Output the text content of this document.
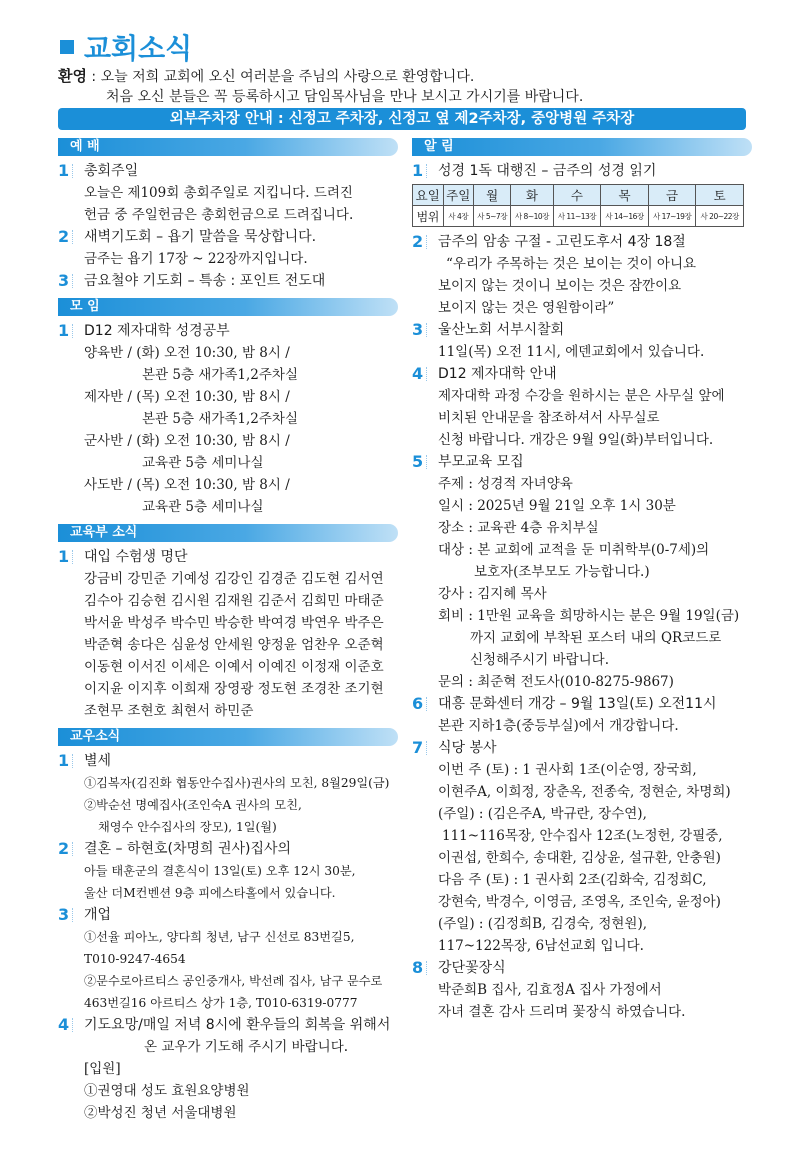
교회소식
환영 : 오늘 저희 교회에 오신 여러분을 주님의 사랑으로 환영합니다.
처음 오신 분들은 꼭 등록하시고 담임목사님을 만나 보시고 가시기를 바랍니다.
외부주차장 안내 : 신정고 주차장, 신정고 옆 제2주차장, 중앙병원 주차장
예 배
1 총회주일
오늘은 제109회 총회주일로 지킵니다. 드려진
헌금 중 주일헌금은 총회헌금으로 드려집니다.
2 새벽기도회 – 욥기 말씀을 묵상합니다.
금주는 욥기 17장 ~ 22장까지입니다.
3 금요철야 기도회 – 특송 : 포인트 전도대
모 임
1 D12 제자대학 성경공부
양육반 / (화) 오전 10:30, 밤 8시 /
본관 5층 새가족1,2주차실
제자반 / (목) 오전 10:30, 밤 8시 /
본관 5층 새가족1,2주차실
군사반 / (화) 오전 10:30, 밤 8시 /
교육관 5층 세미나실
사도반 / (목) 오전 10:30, 밤 8시 /
교육관 5층 세미나실
교육부 소식
1 대입 수험생 명단
강금비 강민준 기예성 김강인 김경준 김도현 김서연
김수아 김승현 김시원 김재원 김준서 김희민 마태준
박서윤 박성주 박수민 박승한 박여경 박연우 박주은
박준혁 송다은 심윤성 안세원 양정윤 엄찬우 오준혁
이동현 이서진 이세은 이예서 이예진 이정재 이준호
이지윤 이지후 이희재 장영광 정도현 조경찬 조기현
조현무 조현호 최현서 하민준
교우소식
1 별세
①김복자(김진화 협동안수집사)권사의 모친, 8월29일(금)
②박순선 명예집사(조인숙A 권사의 모친,
채영수 안수집사의 장모), 1일(월)
2 결혼 – 하현호(차명희 권사)집사의
아들 태훈군의 결혼식이 13일(토) 오후 12시 30분,
울산 더M컨벤션 9층 피에스타홀에서 있습니다.
3 개업
①선율 피아노, 양다희 청년, 남구 신선로 83번길5,
T010-9247-4654
②문수로아르티스 공인중개사, 박선례 집사, 남구 문수로
463번길16 아르티스 상가 1층, T010-6319-0777
4 기도요망/매일 저녁 8시에 환우들의 회복을 위해서
온 교우가 기도해 주시기 바랍니다.
[입원]
①권영대 성도 효원요양병원
②박성진 청년 서울대병원
알 림
1 성경 1독 대행진 – 금주의 성경 읽기
요일	주일	월	화	수	목	금	토
범위	사 4장	사 5~7장	사 8~10장	사 11~13장	사 14~16장	사 17~19장	사 20~22장
2 금주의 암송 구절 - 고린도후서 4장 18절
“우리가 주목하는 것은 보이는 것이 아니요
보이지 않는 것이니 보이는 것은 잠깐이요
보이지 않는 것은 영원함이라”
3 울산노회 서부시찰회
11일(목) 오전 11시, 에덴교회에서 있습니다.
4 D12 제자대학 안내
제자대학 과정 수강을 원하시는 분은 사무실 앞에
비치된 안내문을 참조하셔서 사무실로
신청 바랍니다. 개강은 9월 9일(화)부터입니다.
5 부모교육 모집
주제 : 성경적 자녀양육
일시 : 2025년 9월 21일 오후 1시 30분
장소 : 교육관 4층 유치부실
대상 : 본 교회에 교적을 둔 미취학부(0-7세)의
보호자(조부모도 가능합니다.)
강사 : 김지혜 목사
회비 : 1만원 교육을 희망하시는 분은 9월 19일(금)
까지 교회에 부착된 포스터 내의 QR코드로
신청해주시기 바랍니다.
문의 : 최준혁 전도사(010-8275-9867)
6 대흥 문화센터 개강 – 9월 13일(토) 오전11시
본관 지하1층(중등부실)에서 개강합니다.
7 식당 봉사
이번 주 (토) : 1 권사회 1조(이순영, 장국희,
이현주A, 이희정, 장춘옥, 전종숙, 정현순, 차명희)
(주일) : (김은주A, 박규란, 장수연),
111~116목장, 안수집사 12조(노정헌, 강필중,
이권섭, 한희수, 송대환, 김상윤, 설규환, 안충원)
다음 주 (토) : 1 권사회 2조(김화숙, 김정희C,
강현숙, 박경수, 이영금, 조영옥, 조인숙, 윤정아)
(주일) : (김정희B, 김경숙, 정현원),
117~122목장, 6남선교회 입니다.
8 강단꽃장식
박준희B 집사, 김효정A 집사 가정에서
자녀 결혼 감사 드리며 꽃장식 하였습니다.
